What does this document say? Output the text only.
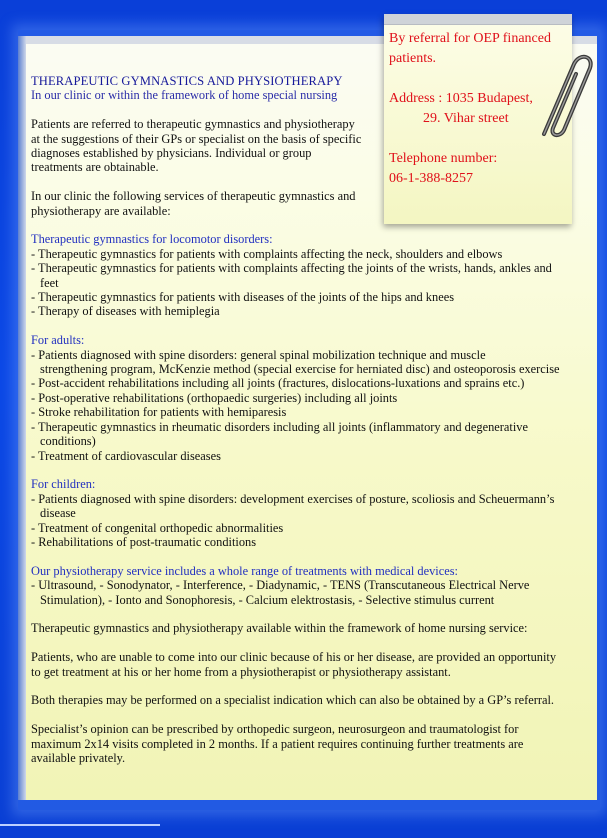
THERAPEUTIC GYMNASTICS AND PHYSIOTHERAPY

In our clinic or within the framework of home special nursing

Patients are referred to therapeutic gymnastics and physiotherapy

at the suggestions of their GPs or specialist on the basis of specific

diagnoses established by physicians. Individual or group

treatments are obtainable.

In our clinic the following services of therapeutic gymnastics and

physiotherapy are available:

Therapeutic gymnastics for locomotor disorders:

- Therapeutic gymnastics for patients with complaints affecting the neck, shoulders and elbows

- Therapeutic gymnastics for patients with complaints affecting the joints of the wrists, hands, ankles and

feet

- Therapeutic gymnastics for patients with diseases of the joints of the hips and knees

- Therapy of diseases with hemiplegia

For adults:

- Patients diagnosed with spine disorders: general spinal mobilization technique and muscle

strengthening program, McKenzie method (special exercise for herniated disc) and osteoporosis exercise

- Post-accident rehabilitations including all joints (fractures, dislocations-luxations and sprains etc.)

- Post-operative rehabilitations (orthopaedic surgeries) including all joints

- Stroke rehabilitation for patients with hemiparesis

- Therapeutic gymnastics in rheumatic disorders including all joints (inflammatory and degenerative

conditions)

- Treatment of cardiovascular diseases

For children:

- Patients diagnosed with spine disorders: development exercises of posture, scoliosis and Scheuermann’s

disease

- Treatment of congenital orthopedic abnormalities

- Rehabilitations of post-traumatic conditions

Our physiotherapy service includes a whole range of treatments with medical devices:

- Ultrasound, - Sonodynator, - Interference, - Diadynamic, - TENS (Transcutaneous Electrical Nerve

Stimulation), - Ionto and Sonophoresis, - Calcium elektrostasis, - Selective stimulus current

Therapeutic gymnastics and physiotherapy available within the framework of home nursing service:

Patients, who are unable to come into our clinic because of his or her disease, are provided an opportunity

to get treatment at his or her home from a physiotherapist or physiotherapy assistant.

Both therapies may be performed on a specialist indication which can also be obtained by a GP’s referral.

Specialist’s opinion can be prescribed by orthopedic surgeon, neurosurgeon and traumatologist for

maximum 2x14 visits completed in 2 months. If a patient requires continuing further treatments are

available privately.

By referral for OEP financed

patients.

Address : 1035 Budapest,

29. Vihar street

Telephone number:

06-1-388-8257
